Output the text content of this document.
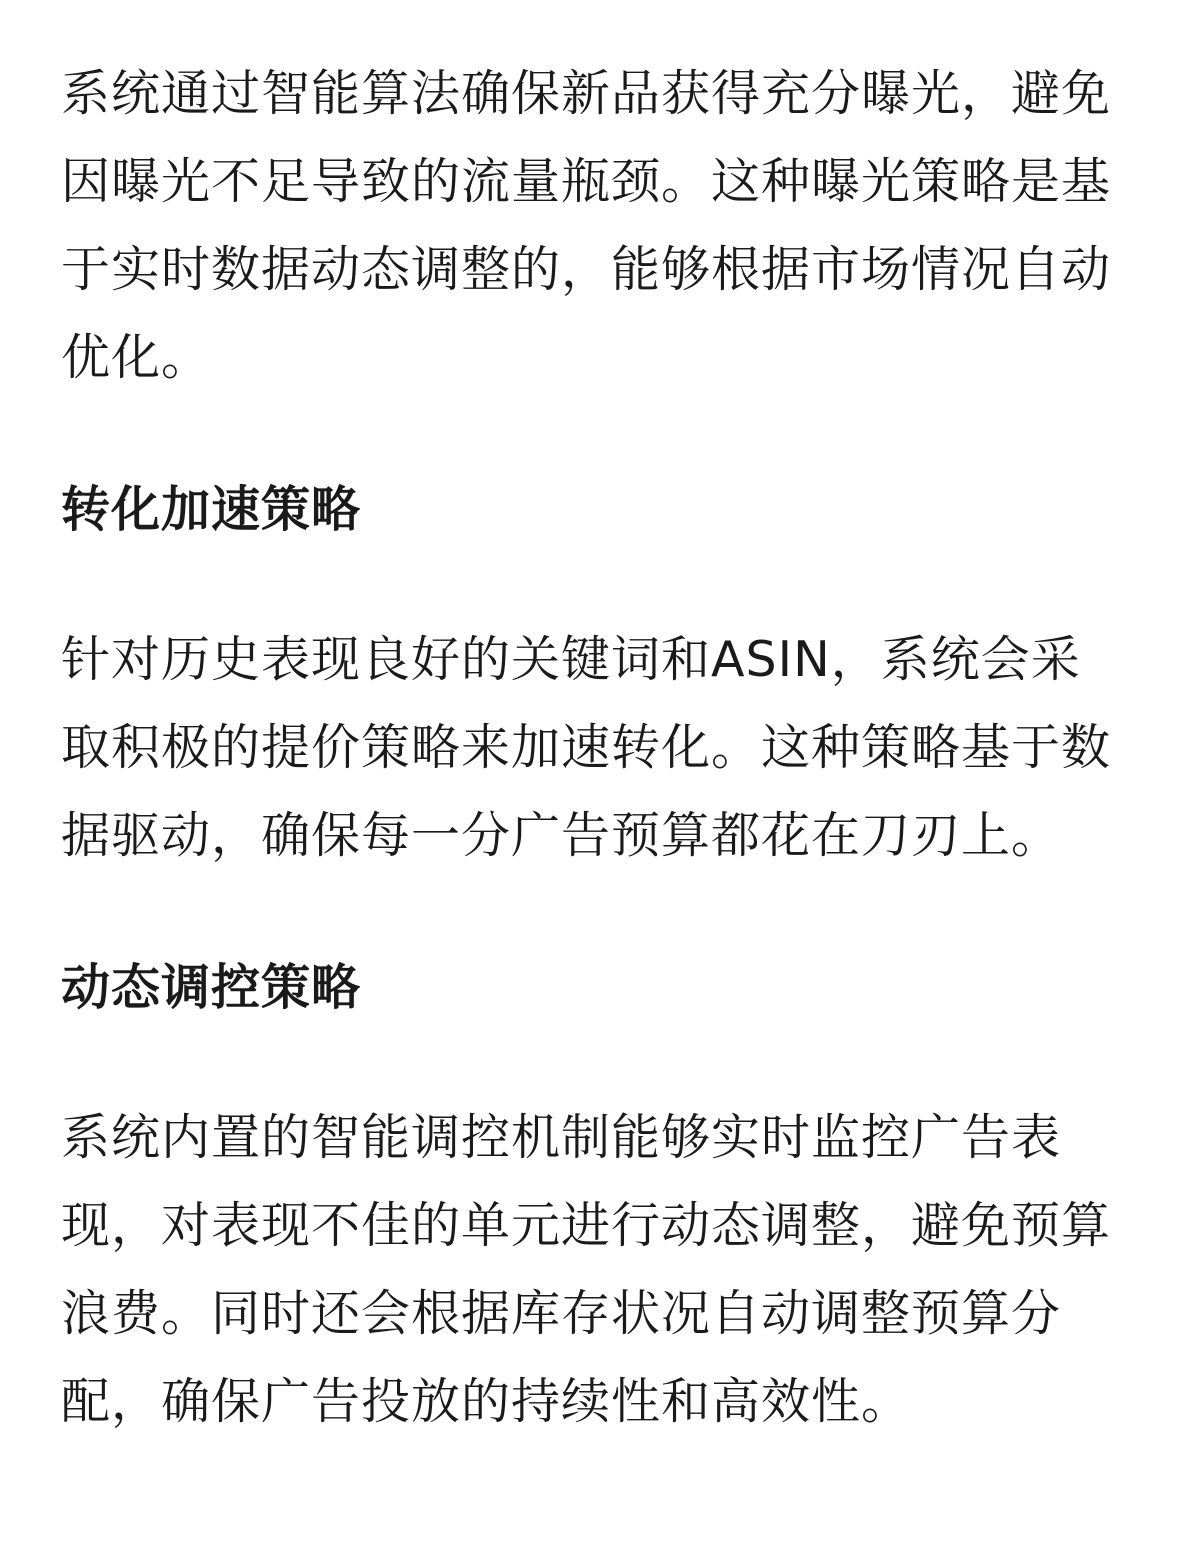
系统通过智能算法确保新品获得充分曝光，避免因曝光不足导致的流量瓶颈。这种曝光策略是基于实时数据动态调整的，能够根据市场情况自动优化。

转化加速策略

针对历史表现良好的关键词和ASIN，系统会采取积极的提价策略来加速转化。这种策略基于数据驱动，确保每一分广告预算都花在刀刃上。

动态调控策略

系统内置的智能调控机制能够实时监控广告表现，对表现不佳的单元进行动态调整，避免预算浪费。同时还会根据库存状况自动调整预算分配，确保广告投放的持续性和高效性。
